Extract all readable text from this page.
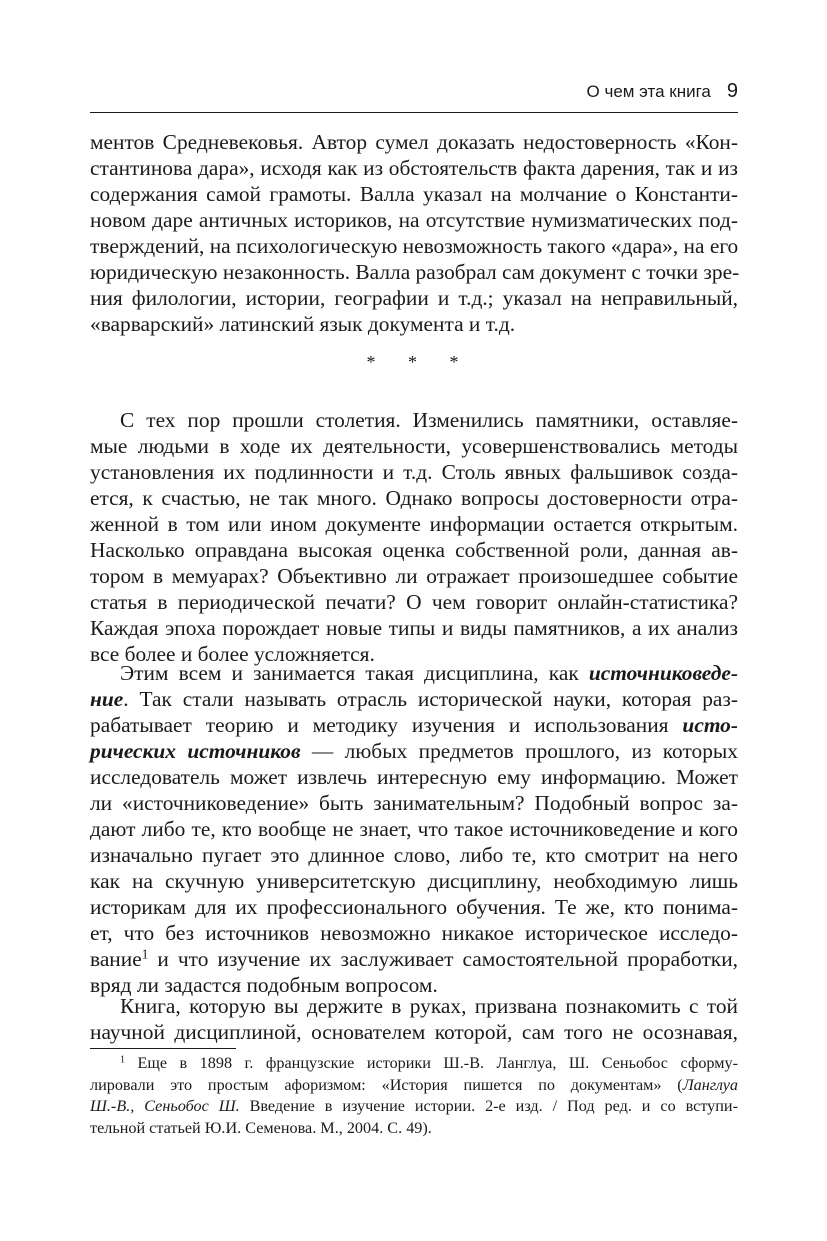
О чем эта книга 9
ментов Средневековья. Автор сумел доказать недостоверность «Кон-
стантинова дара», исходя как из обстоятельств факта дарения, так и из
содержания самой грамоты. Валла указал на молчание о Константи-
новом даре античных историков, на отсутствие нумизматических под-
тверждений, на психологическую невозможность такого «дара», на его
юридическую незаконность. Валла разобрал сам документ с точки зре-
ния филологии, истории, географии и т.д.; указал на неправильный,
«варварский» латинский язык документа и т.д.
* * *
С тех пор прошли столетия. Изменились памятники, оставляе-
мые людьми в ходе их деятельности, усовершенствовались методы
установления их подлинности и т.д. Столь явных фальшивок созда-
ется, к счастью, не так много. Однако вопросы достоверности отра-
женной в том или ином документе информации остается открытым.
Насколько оправдана высокая оценка собственной роли, данная ав-
тором в мемуарах? Объективно ли отражает произошедшее событие
статья в периодической печати? О чем говорит онлайн-статистика?
Каждая эпоха порождает новые типы и виды памятников, а их анализ
все более и более усложняется.
Этим всем и занимается такая дисциплина, как источниковеде-
ние. Так стали называть отрасль исторической науки, которая раз-
рабатывает теорию и методику изучения и использования исто-
рических источников — любых предметов прошлого, из которых
исследователь может извлечь интересную ему информацию. Может
ли «источниковедение» быть занимательным? Подобный вопрос за-
дают либо те, кто вообще не знает, что такое источниковедение и кого
изначально пугает это длинное слово, либо те, кто смотрит на него
как на скучную университетскую дисциплину, необходимую лишь
историкам для их профессионального обучения. Те же, кто понима-
ет, что без источников невозможно никакое историческое исследо-
вание$^1$ и что изучение их заслуживает самостоятельной проработки,
вряд ли задастся подобным вопросом.
Книга, которую вы держите в руках, призвана познакомить с той
научной дисциплиной, основателем которой, сам того не осознавая,
$^1$ Еще в 1898 г. французские историки Ш.-В. Ланглуа, Ш. Сеньобос сформу-
лировали это простым афоризмом: «История пишется по документам» (Ланглуа
Ш.-В., Сеньобос Ш. Введение в изучение истории. 2-е изд. / Под ред. и со вступи-
тельной статьей Ю.И. Семенова. М., 2004. С. 49).
